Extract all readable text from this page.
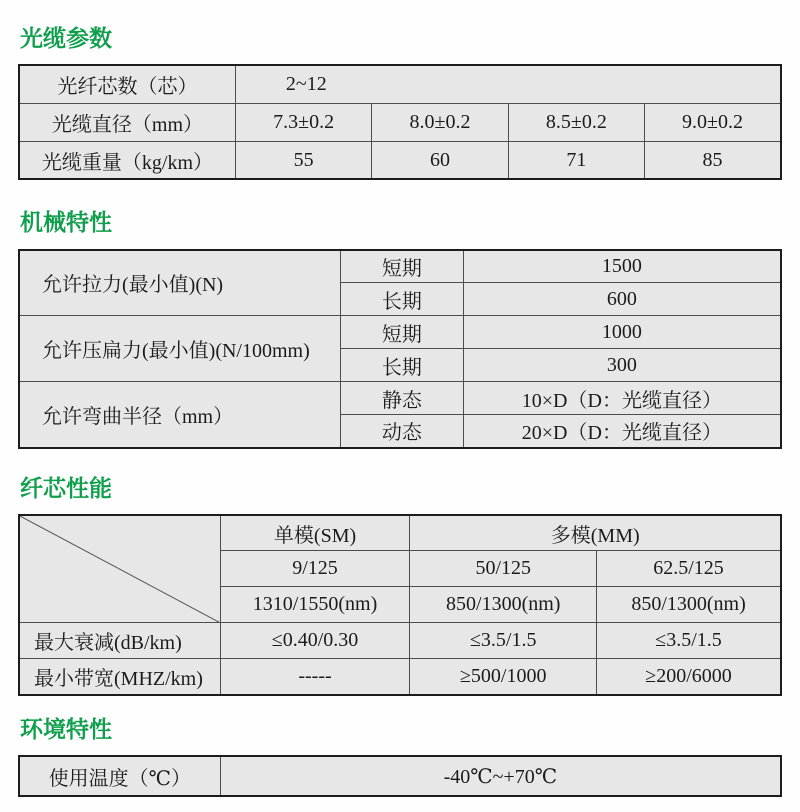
光缆参数
光纤芯数（芯）	2~12			
光缆直径（mm）	7.3±0.2	8.0±0.2	8.5±0.2	9.0±0.2
光缆重量（kg/km）	55	60	71	85
机械特性
允许拉力(最小值)(N)	短期	1500
	长期	600
允许压扁力(最小值)(N/100mm)	短期	1000
	长期	300
允许弯曲半径（mm）	静态	10×D（D：光缆直径）
	动态	20×D（D：光缆直径）
纤芯性能
	单模(SM)	多模(MM)	
	9/125	50/125	62.5/125
	1310/1550(nm)	850/1300(nm)	850/1300(nm)
最大衰减(dB/km)	≤0.40/0.30	≤3.5/1.5	≤3.5/1.5
最小带宽(MHZ/km)	-----	≥500/1000	≥200/6000
环境特性
使用温度（℃）	-40℃~+70℃
